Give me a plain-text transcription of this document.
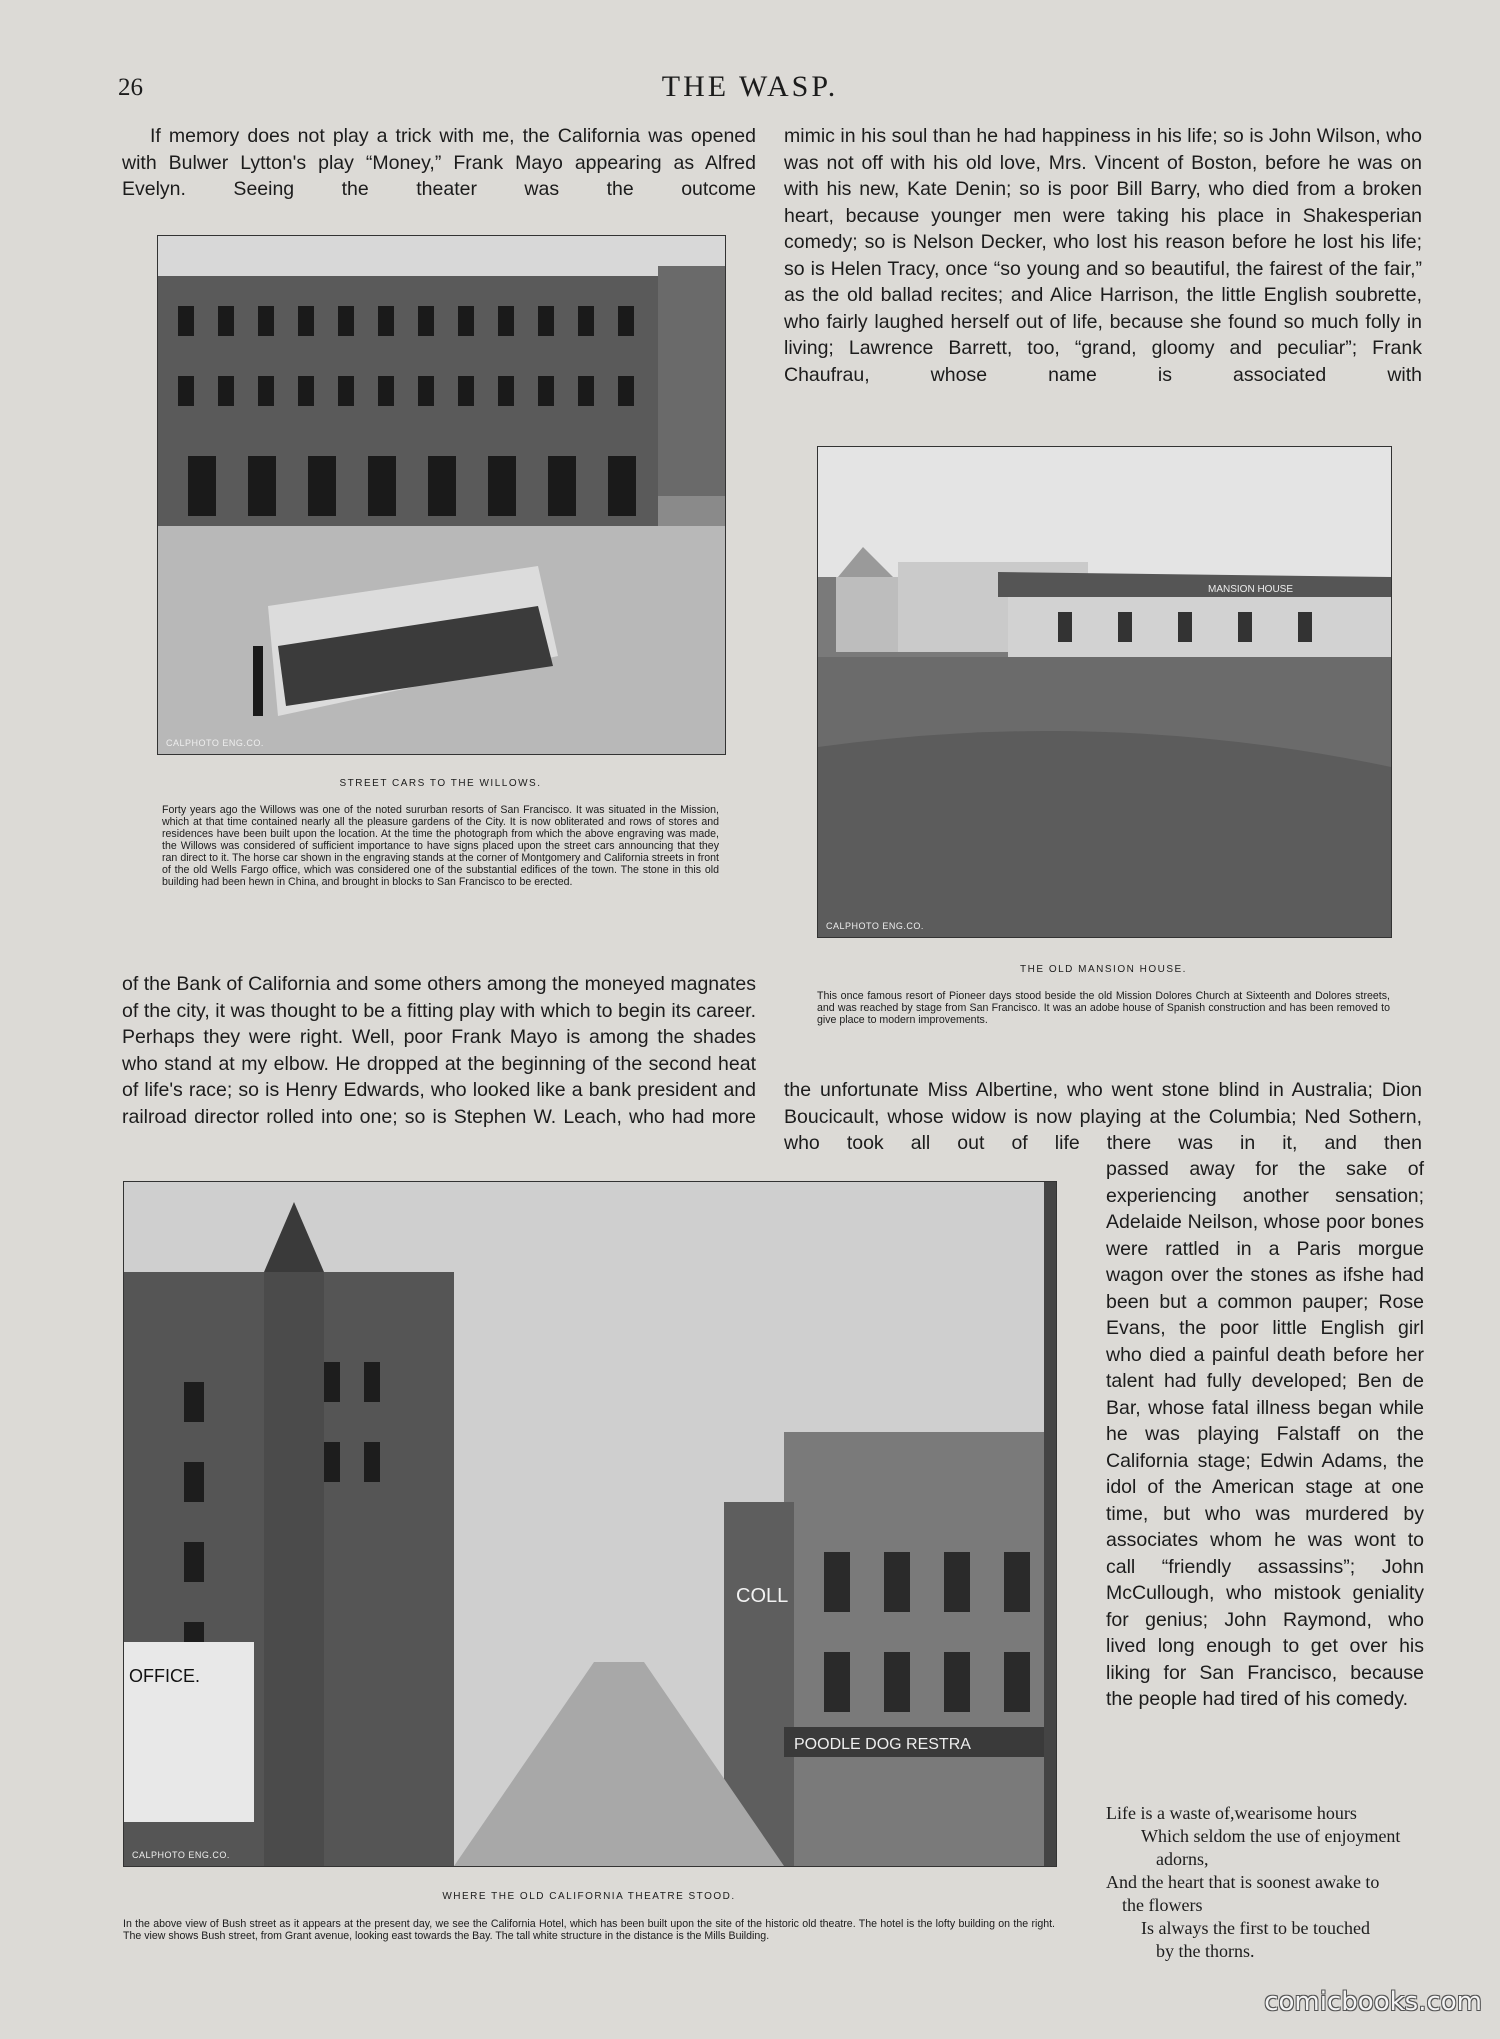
26	THE WASP.

If memory does not play a trick with me, the California was opened with Bulwer Lytton's play “Money,” Frank Mayo appearing as Alfred Evelyn. Seeing the theater was the outcome

mimic in his soul than he had happiness in his life; so is John Wilson, who was not off with his old love, Mrs. Vincent of Boston, before he was on with his new, Kate Denin; so is poor Bill Barry, who died from a broken heart, because younger men were taking his place in Shakesperian comedy; so is Nelson Decker, who lost his reason before he lost his life; so is Helen Tracy, once “so young and so beautiful, the fairest of the fair,” as the old ballad recites; and Alice Harrison, the little English soubrette, who fairly laughed herself out of life, because she found so much folly in living; Lawrence Barrett, too, “grand, gloomy and peculiar”; Frank Chaufrau, whose name is associated with

CALPHOTO ENG.CO.
STREET CARS TO THE WILLOWS.

Forty years ago the Willows was one of the noted sururban resorts of San Francisco. It was situated in the Mission, which at that time contained nearly all the pleasure gardens of the City. It is now obliterated and rows of stores and residences have been built upon the location. At the time the photograph from which the above engraving was made, the Willows was considered of sufficient importance to have signs placed upon the street cars announcing that they ran direct to it. The horse car shown in the engraving stands at the corner of Montgomery and California streets in front of the old Wells Fargo office, which was considered one of the substantial edifices of the town. The stone in this old building had been hewn in China, and brought in blocks to San Francisco to be erected.

MANSION HOUSE
CALPHOTO ENG.CO.
THE OLD MANSION HOUSE.

This once famous resort of Pioneer days stood beside the old Mission Dolores Church at Sixteenth and Dolores streets, and was reached by stage from San Francisco. It was an adobe house of Spanish construction and has been removed to give place to modern improvements.

of the Bank of California and some others among the moneyed magnates of the city, it was thought to be a fitting play with which to begin its career. Perhaps they were right. Well, poor Frank Mayo is among the shades who stand at my elbow. He dropped at the beginning of the second heat of life's race; so is Henry Edwards, who looked like a bank president and railroad director rolled into one; so is Stephen W. Leach, who had more

the unfortunate Miss Albertine, who went stone blind in Australia; Dion Boucicault, whose widow is now playing at the Columbia; Ned Sothern, who took all out of life there was in it, and then

OFFICE.
COLL
POODLE DOG RESTRA
CALPHOTO ENG.CO.
WHERE THE OLD CALIFORNIA THEATRE STOOD.

In the above view of Bush street as it appears at the present day, we see the California Hotel, which has been built upon the site of the historic old theatre. The hotel is the lofty building on the right. The view shows Bush street, from Grant avenue, looking east towards the Bay. The tall white structure in the distance is the Mills Building.

passed away for the sake of experiencing another sensation; Adelaide Neilson, whose poor bones were rattled in a Paris morgue wagon over the stones as ifshe had been but a common pauper; Rose Evans, the poor little English girl who died a painful death before her talent had fully developed; Ben de Bar, whose fatal illness began while he was playing Falstaff on the California stage; Edwin Adams, the idol of the American stage at one time, but who was murdered by associates whom he was wont to call “friendly assassins”; John McCullough, who mistook geniality for genius; John Raymond, who lived long enough to get over his liking for San Francisco, because the people had tired of his comedy.

Life is a waste of,wearisome hours
Which seldom the use of enjoyment
adorns,
And the heart that is soonest awake to
the flowers
Is always the first to be touched
by the thorns.
comicbooks.com
